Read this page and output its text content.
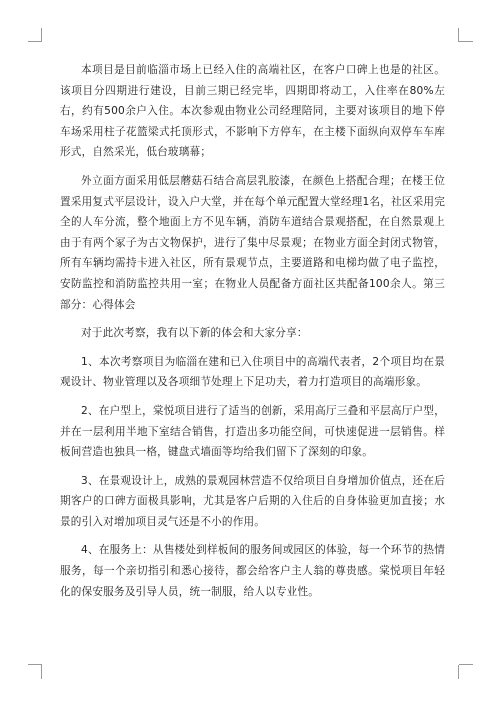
本项目是目前临淄市场上已经入住的高端社区，在客户口碑上也是的社区。该项目分四期进行建设，目前三期已经完毕，四期即将动工，入住率在80%左右，约有500余户入住。本次参观由物业公司经理陪同，主要对该项目的地下停车场采用柱子花篮梁式托顶形式，不影响下方停车，在主楼下面纵向双停车车库形式，自然采光，低台玻璃幕；

外立面方面采用低层蘑菇石结合高层乳胶漆，在颜色上搭配合理；在楼王位置采用复式平层设计，设入户大堂，并在每个单元配置大堂经理1名，社区采用完全的人车分流，整个地面上方不见车辆，消防车道结合景观搭配，在自然景观上由于有两个冢子为古文物保护，进行了集中尽景观；在物业方面全封闭式物管，所有车辆均需持卡进入社区，所有景观节点，主要道路和电梯均做了电子监控，安防监控和消防监控共用一室；在物业人员配备方面社区共配备100余人。第三部分：心得体会

对于此次考察，我有以下新的体会和大家分享：

1、本次考察项目为临淄在建和已入住项目中的高端代表者，2个项目均在景观设计、物业管理以及各项细节处理上下足功夫，着力打造项目的高端形象。

2、在户型上，棠悦项目进行了适当的创新，采用高厅三叠和平层高厅户型，并在一层利用半地下室结合销售，打造出多功能空间，可快速促进一层销售。样板间营造也独具一格，键盘式墙面等均给我们留下了深刻的印象。

3、在景观设计上，成熟的景观园林营造不仅给项目自身增加价值点，还在后期客户的口碑方面极具影响，尤其是客户后期的入住后的自身体验更加直接；水景的引入对增加项目灵气还是不小的作用。

4、在服务上：从售楼处到样板间的服务间或园区的体验，每一个环节的热情服务，每一个亲切指引和悉心接待，都会给客户主人翁的尊贵感。棠悦项目年轻化的保安服务及引导人员，统一制服，给人以专业性。
